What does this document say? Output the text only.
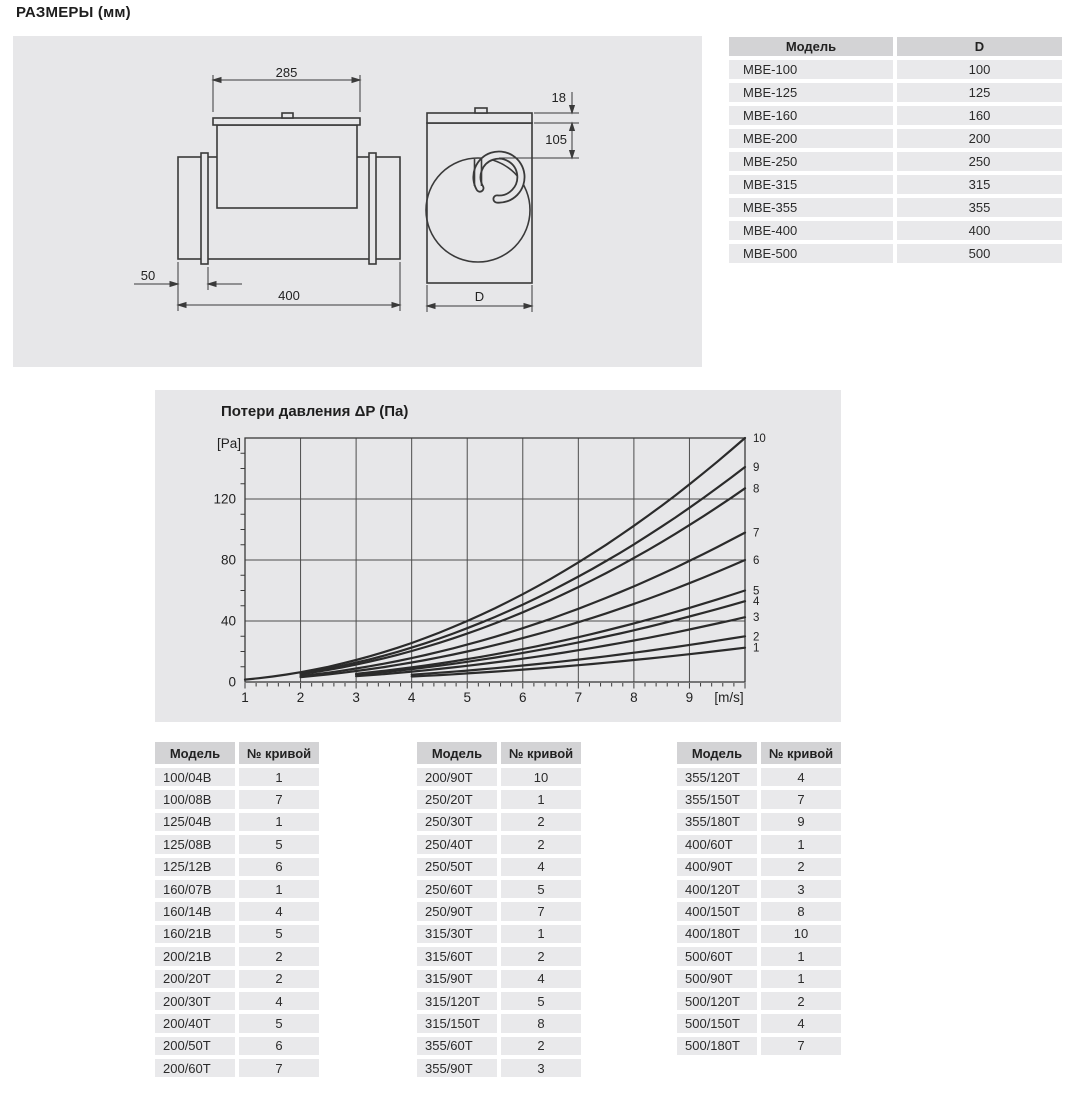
РАЗМЕРЫ (мм)
285
50
400
18
105
D
Модель	D
МВЕ-100	100
МВЕ-125	125
МВЕ-160	160
МВЕ-200	200
МВЕ-250	250
МВЕ-315	315
МВЕ-355	355
МВЕ-400	400
МВЕ-500	500
1	2	3	4	5	6	7	8	9
0
40
80
120
[Pa]
[m/s]
1
2
3
4
5
6
7
8
9
10
Потери давления ΔP (Па)
Модель	№ кривой
100/04В	1
100/08В	7
125/04В	1
125/08В	5
125/12В	6
160/07В	1
160/14В	4
160/21В	5
200/21В	2
200/20Т	2
200/30Т	4
200/40Т	5
200/50Т	6
200/60Т	7
Модель	№ кривой
200/90Т	10
250/20Т	1
250/30Т	2
250/40Т	2
250/50Т	4
250/60Т	5
250/90Т	7
315/30Т	1
315/60Т	2
315/90Т	4
315/120Т	5
315/150Т	8
355/60Т	2
355/90Т	3
Модель	№ кривой
355/120Т	4
355/150Т	7
355/180Т	9
400/60Т	1
400/90Т	2
400/120Т	3
400/150Т	8
400/180Т	10
500/60Т	1
500/90Т	1
500/120Т	2
500/150Т	4
500/180Т	7
